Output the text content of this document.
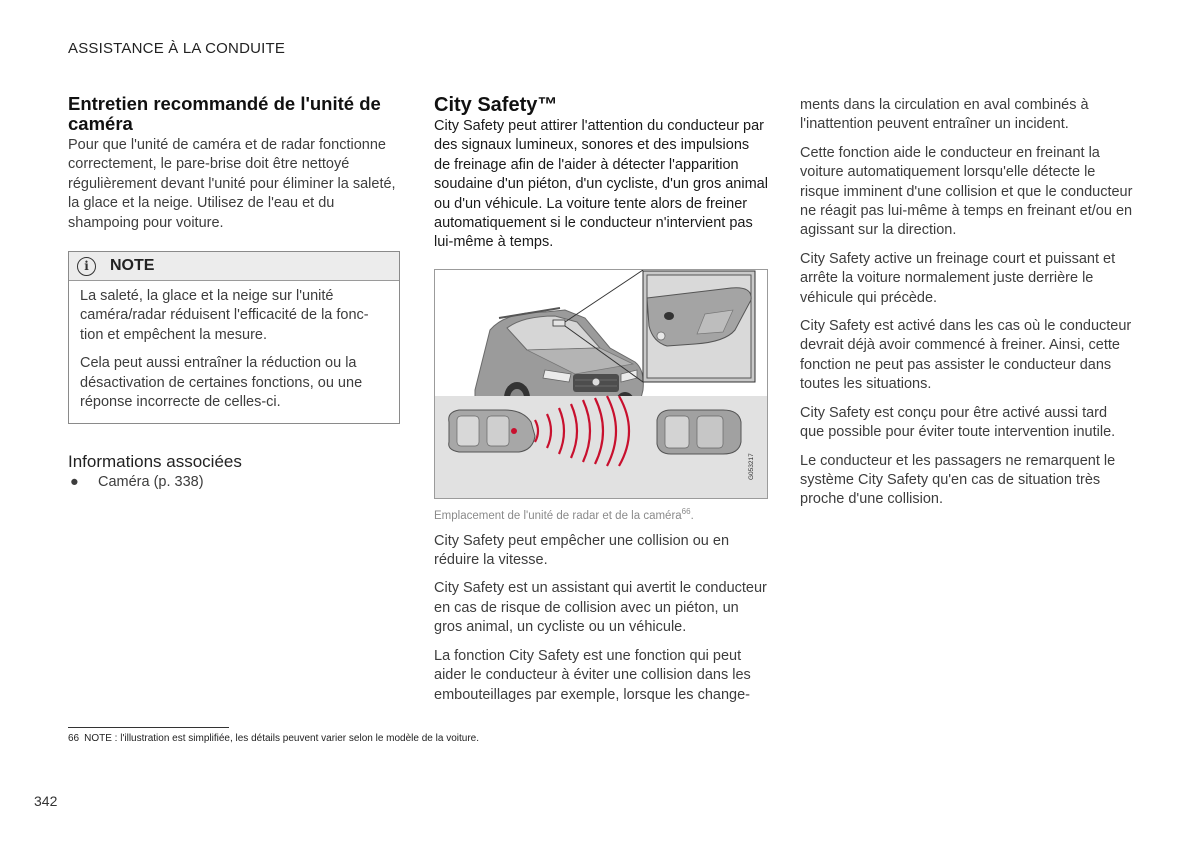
ASSISTANCE À LA CONDUITE
Entretien recommandé de l'unité de caméra

Pour que l'unité de caméra et de radar fonctionne correctement, le pare-brise doit être nettoyé régulièrement devant l'unité pour éliminer la saleté, la glace et la neige. Utilisez de l'eau et du shampoing pour voiture.

i	NOTE

La saleté, la glace et la neige sur l'unité caméra/radar réduisent l'efficacité de la fonction et empêchent la mesure.

Cela peut aussi entraîner la réduction ou la désactivation de certaines fonctions, ou une réponse incorrecte de celles-ci.

Informations associées
●	Caméra (p. 338)
City Safety™

City Safety peut attirer l'attention du conducteur par des signaux lumineux, sonores et des impulsions de freinage afin de l'aider à détecter l'apparition soudaine d'un piéton, d'un cycliste, d'un gros animal ou d'un véhicule. La voiture tente alors de freiner automatiquement si le conducteur n'intervient pas lui-même à temps.

G053217
Emplacement de l'unité de radar et de la caméra$^{66}$.

City Safety peut empêcher une collision ou en réduire la vitesse.

City Safety est un assistant qui avertit le conducteur en cas de risque de collision avec un piéton, un gros animal, un cycliste ou un véhicule.

La fonction City Safety est une fonction qui peut aider le conducteur à éviter une collision dans les embouteillages par exemple, lorsque les change-

ments dans la circulation en aval combinés à l'inattention peuvent entraîner un incident.

Cette fonction aide le conducteur en freinant la voiture automatiquement lorsqu'elle détecte le risque imminent d'une collision et que le conducteur ne réagit pas lui-même à temps en freinant et/ou en agissant sur la direction.

City Safety active un freinage court et puissant et arrête la voiture normalement juste derrière le véhicule qui précède.

City Safety est activé dans les cas où le conducteur devrait déjà avoir commencé à freiner. Ainsi, cette fonction ne peut pas assister le conducteur dans toutes les situations.

City Safety est conçu pour être activé aussi tard que possible pour éviter toute intervention inutile.

Le conducteur et les passagers ne remarquent le système City Safety qu'en cas de situation très proche d'une collision.

66 NOTE : l'illustration est simplifiée, les détails peuvent varier selon le modèle de la voiture.
342
